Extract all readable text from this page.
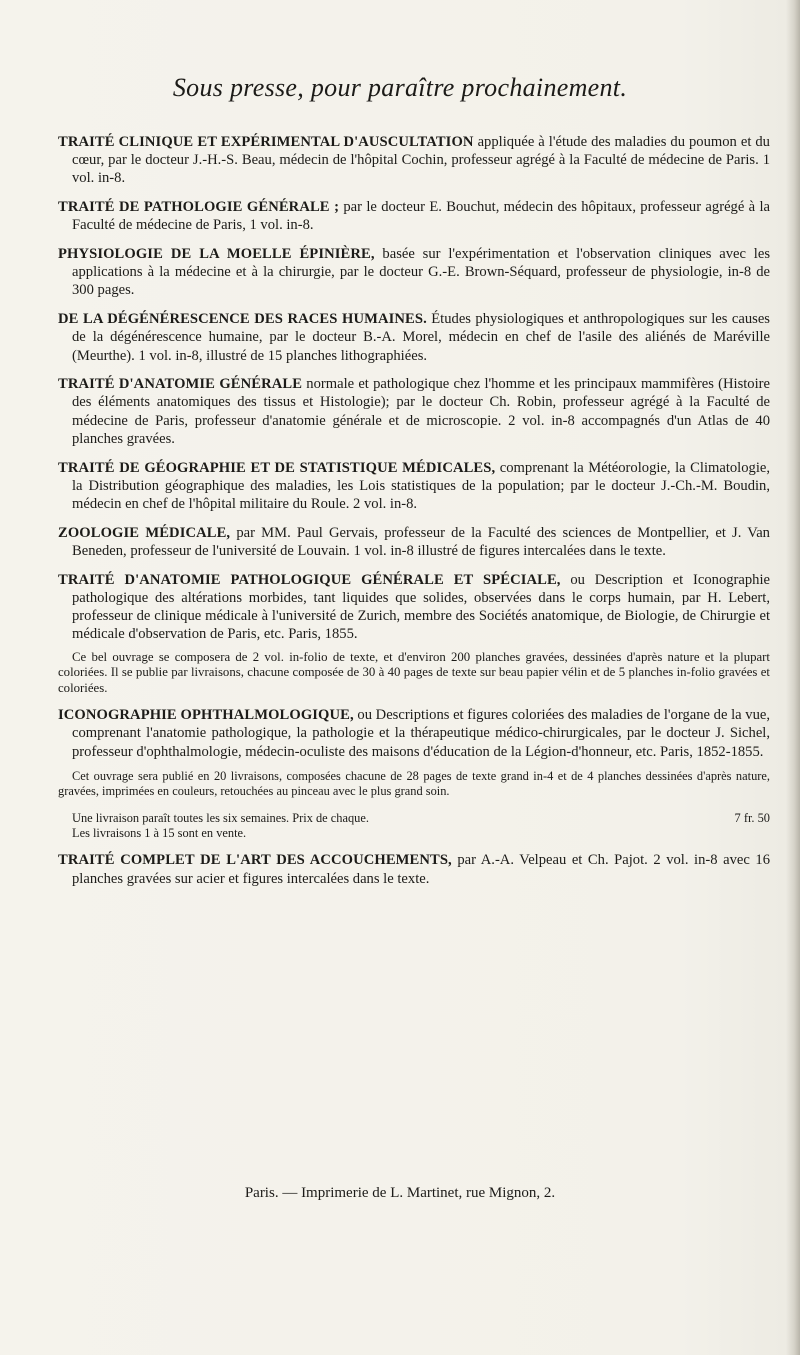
Sous presse, pour paraître prochainement.

TRAITÉ CLINIQUE ET EXPÉRIMENTAL D'AUSCULTATION appliquée à l'étude des maladies du poumon et du cœur, par le docteur J.-H.-S. Beau, médecin de l'hôpital Cochin, professeur agrégé à la Faculté de médecine de Paris. 1 vol. in-8.

TRAITÉ DE PATHOLOGIE GÉNÉRALE ; par le docteur E. Bouchut, médecin des hôpitaux, professeur agrégé à la Faculté de médecine de Paris, 1 vol. in-8.

PHYSIOLOGIE DE LA MOELLE ÉPINIÈRE, basée sur l'expérimentation et l'observation cliniques avec les applications à la médecine et à la chirurgie, par le docteur G.-E. Brown-Séquard, professeur de physiologie, in-8 de 300 pages.

DE LA DÉGÉNÉRESCENCE DES RACES HUMAINES. Études physiologiques et anthropologiques sur les causes de la dégénérescence humaine, par le docteur B.-A. Morel, médecin en chef de l'asile des aliénés de Maréville (Meurthe). 1 vol. in-8, illustré de 15 planches lithographiées.

TRAITÉ D'ANATOMIE GÉNÉRALE normale et pathologique chez l'homme et les principaux mammifères (Histoire des éléments anatomiques des tissus et Histologie); par le docteur Ch. Robin, professeur agrégé à la Faculté de médecine de Paris, professeur d'anatomie générale et de microscopie. 2 vol. in-8 accompagnés d'un Atlas de 40 planches gravées.

TRAITÉ DE GÉOGRAPHIE ET DE STATISTIQUE MÉDICALES, comprenant la Météorologie, la Climatologie, la Distribution géographique des maladies, les Lois statistiques de la population; par le docteur J.-Ch.-M. Boudin, médecin en chef de l'hôpital militaire du Roule. 2 vol. in-8.

ZOOLOGIE MÉDICALE, par MM. Paul Gervais, professeur de la Faculté des sciences de Montpellier, et J. Van Beneden, professeur de l'université de Louvain. 1 vol. in-8 illustré de figures intercalées dans le texte.

TRAITÉ D'ANATOMIE PATHOLOGIQUE GÉNÉRALE ET SPÉCIALE, ou Description et Iconographie pathologique des altérations morbides, tant liquides que solides, observées dans le corps humain, par H. Lebert, professeur de clinique médicale à l'université de Zurich, membre des Sociétés anatomique, de Biologie, de Chirurgie et médicale d'observation de Paris, etc. Paris, 1855.

Ce bel ouvrage se composera de 2 vol. in-folio de texte, et d'environ 200 planches gravées, dessinées d'après nature et la plupart coloriées. Il se publie par livraisons, chacune composée de 30 à 40 pages de texte sur beau papier vélin et de 5 planches in-folio gravées et coloriées.

ICONOGRAPHIE OPHTHALMOLOGIQUE, ou Descriptions et figures coloriées des maladies de l'organe de la vue, comprenant l'anatomie pathologique, la pathologie et la thérapeutique médico-chirurgicales, par le docteur J. Sichel, professeur d'ophthalmologie, médecin-oculiste des maisons d'éducation de la Légion-d'honneur, etc. Paris, 1852-1855.

Cet ouvrage sera publié en 20 livraisons, composées chacune de 28 pages de texte grand in-4 et de 4 planches dessinées d'après nature, gravées, imprimées en couleurs, retouchées au pinceau avec le plus grand soin.

Une livraison paraît toutes les six semaines. Prix de chaque.	7 fr. 50

Les livraisons 1 à 15 sont en vente.

TRAITÉ COMPLET DE L'ART DES ACCOUCHEMENTS, par A.-A. Velpeau et Ch. Pajot. 2 vol. in-8 avec 16 planches gravées sur acier et figures intercalées dans le texte.

Paris. — Imprimerie de L. Martinet, rue Mignon, 2.
